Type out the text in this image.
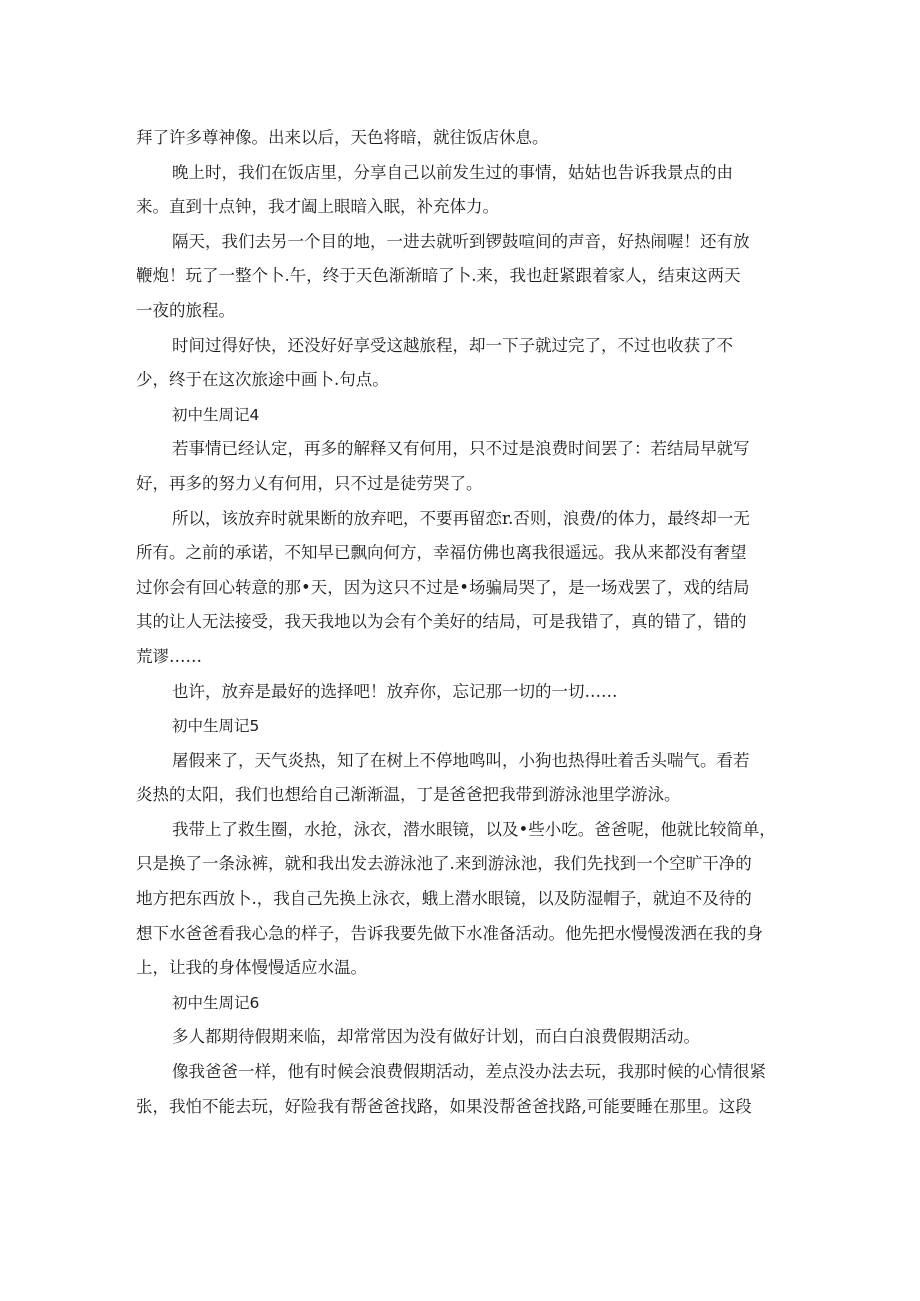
拜了许多尊神像。出来以后，天色将暗，就往饭店休息。
晚上时，我们在饭店里，分享自己以前发生过的事情，姑姑也告诉我景点的由
来。直到十点钟，我才阖上眼暗入眠，补充体力。
隔天，我们去另一个目的地，一进去就听到锣鼓喧间的声音，好热闹喔！还有放
鞭炮！玩了一整个卜.午，终于天色渐渐暗了卜.来，我也赶紧跟着家人，结束这两天
一夜的旅程。
时间过得好快，还没好好享受这越旅程，却一下子就过完了，不过也收获了不
少，终于在这次旅途中画卜.句点。
初中生周记4
若事情已经认定，再多的解释又有何用，只不过是浪费时间罢了：若结局早就写
好，再多的努力乂有何用，只不过是徒劳哭了。
所以，该放弃时就果断的放弃吧，不要再留恋r.否则，浪费/的体力，最终却一无
所有。之前的承诺，不知早已飘向何方，幸福仿佛也离我很遥远。我从来都没有奢望
过你会有回心转意的那•天，因为这只不过是•场骗局哭了，是一场戏罢了，戏的结局
其的让人无法接受，我天我地以为会有个美好的结局，可是我错了，真的错了，错的
荒谬……
也许，放弃是最好的选择吧！放弃你，忘记那一切的一切……
初中生周记5
屠假来了，天气炎热，知了在树上不停地鸣叫，小狗也热得吐着舌头喘气。看若
炎热的太阳，我们也想给自己渐渐温，丁是爸爸把我带到游泳池里学游泳。
我带上了救生圈，水抢，泳衣，潜水眼镜，以及•些小吃。爸爸呢，他就比较简单，
只是换了一条泳裤，就和我出发去游泳池了.来到游泳池，我们先找到一个空旷干净的
地方把东西放卜.，我自己先换上泳衣，蛾上潜水眼镜，以及防湿帽子，就迫不及待的
想下水爸爸看我心急的样子，告诉我要先做下水准备活动。他先把水慢慢泼洒在我的身
上，让我的身体慢慢适应水温。
初中生周记6
多人都期待假期来临，却常常因为没有做好计划，而白白浪费假期活动。
像我爸爸一样，他有时候会浪费假期活动，差点没办法去玩，我那时候的心情很紧
张，我怕不能去玩，好险我有帮爸爸找路，如果没帮爸爸找路,可能要睡在那里。这段
